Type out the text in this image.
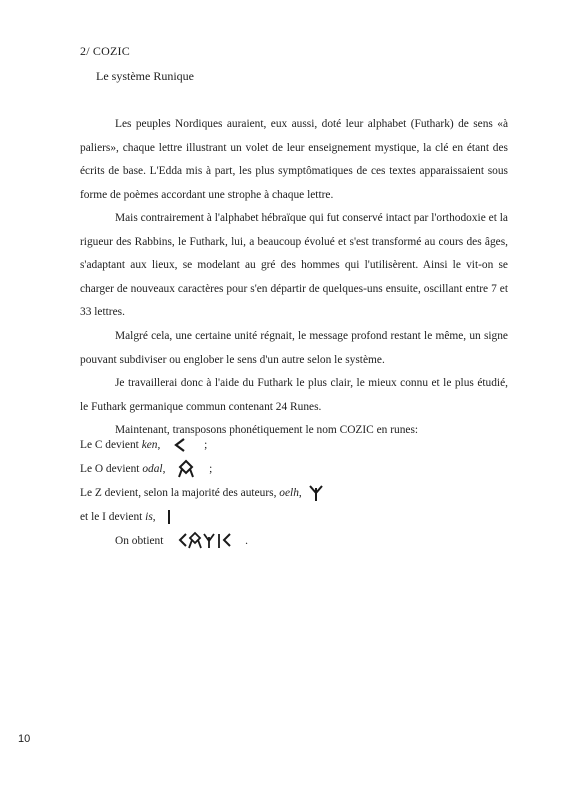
2/ COZIC
Le système Runique

Les peuples Nordiques auraient, eux aussi, doté leur alphabet (Futhark) de sens «à paliers», chaque lettre illustrant un volet de leur enseignement mystique, la clé en étant des écrits de base. L'Edda mis à part, les plus symptômatiques de ces textes apparaissaient sous forme de poèmes accordant une strophe à chaque lettre.

Mais contrairement à l'alphabet hébraïque qui fut conservé intact par l'orthodoxie et la rigueur des Rabbins, le Futhark, lui, a beaucoup évolué et s'est transformé au cours des âges, s'adaptant aux lieux, se modelant au gré des hommes qui l'utilisèrent. Ainsi le vit-on se charger de nouveaux caractères pour s'en départir de quelques-uns ensuite, oscillant entre 7 et 33 lettres.

Malgré cela, une certaine unité régnait, le message profond restant le même, un signe pouvant subdiviser ou englober le sens d'un autre selon le système.

Je travaillerai donc à l'aide du Futhark le plus clair, le mieux connu et le plus étudié, le Futhark germanique commun contenant 24 Runes.

Maintenant, transposons phonétiquement le nom COZIC en runes:

Le C devient ken,	;
Le O devient odal,	;
Le Z devient, selon la majorité des auteurs, oelh,
et le I devient is,
On obtient	.
10
